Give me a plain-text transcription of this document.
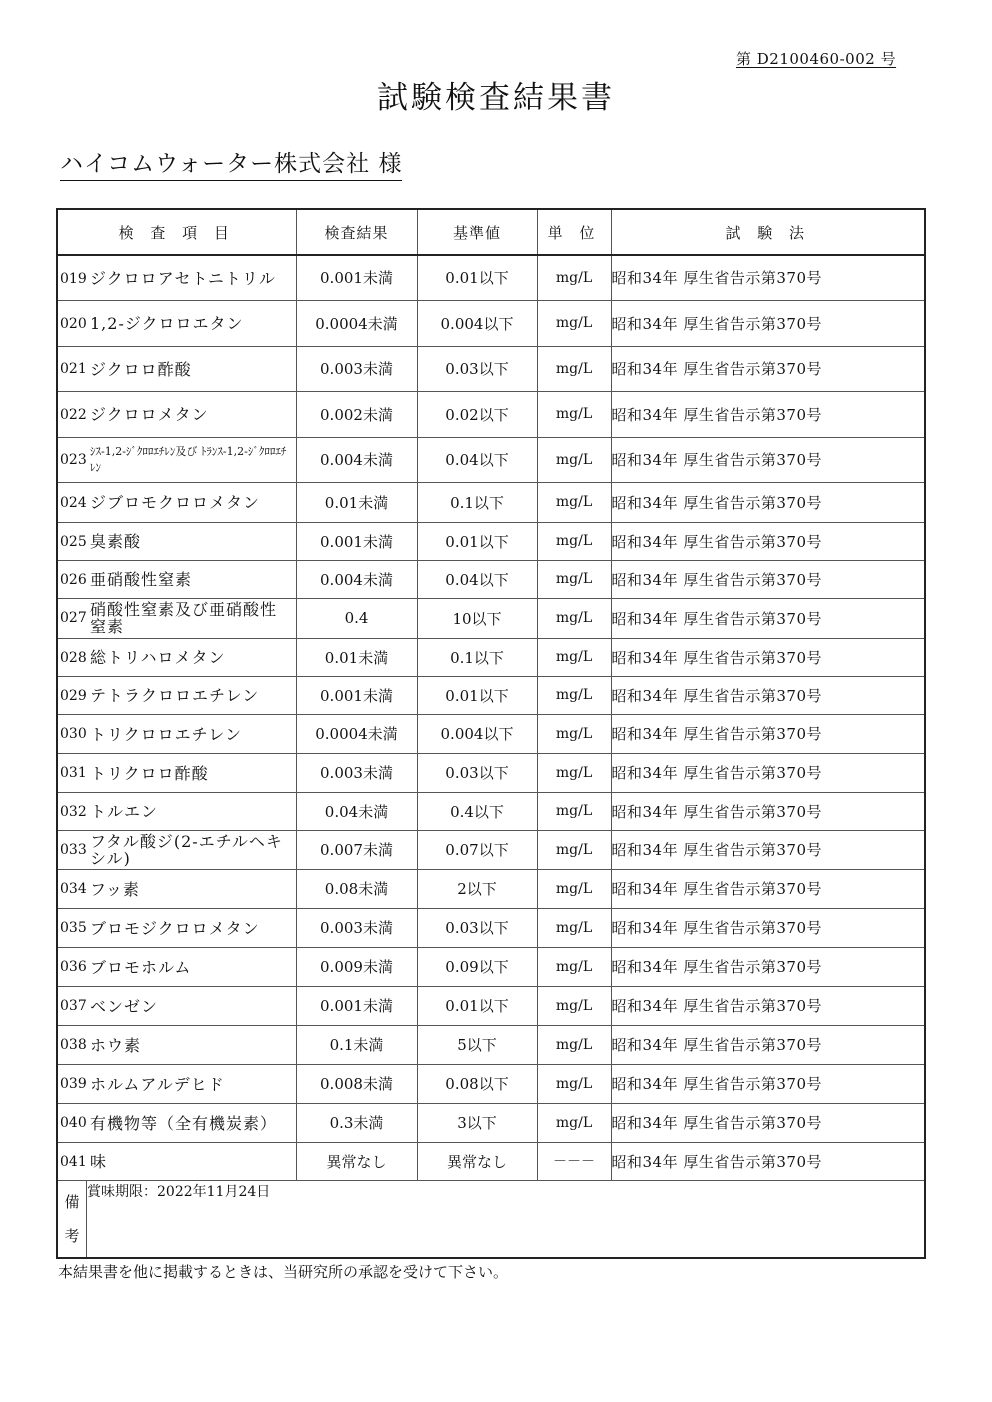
第 D2100460-002 号
試験検査結果書
ハイコムウォーター株式会社 様
検 査 項 目	検査結果	基準値	単 位	試 験 法
019 ジクロロアセトニトリル	0.001未満	0.01以下	mg/L	昭和34年 厚生省告示第370号
020 1,2-ジクロロエタン	0.0004未満	0.004以下	mg/L	昭和34年 厚生省告示第370号
021 ジクロロ酢酸	0.003未満	0.03以下	mg/L	昭和34年 厚生省告示第370号
022 ジクロロメタン	0.002未満	0.02以下	mg/L	昭和34年 厚生省告示第370号
023ｼｽ-1,2-ｼﾞｸﾛﾛｴﾁﾚﾝ及び ﾄﾗﾝｽ-1,2-ｼﾞｸﾛﾛｴﾁﾚﾝ	0.004未満	0.04以下	mg/L	昭和34年 厚生省告示第370号
024 ジブロモクロロメタン	0.01未満	0.1以下	mg/L	昭和34年 厚生省告示第370号
025 臭素酸	0.001未満	0.01以下	mg/L	昭和34年 厚生省告示第370号
026 亜硝酸性窒素	0.004未満	0.04以下	mg/L	昭和34年 厚生省告示第370号
027 硝酸性窒素及び亜硝酸性窒素	0.4	10以下	mg/L	昭和34年 厚生省告示第370号
028 総トリハロメタン	0.01未満	0.1以下	mg/L	昭和34年 厚生省告示第370号
029 テトラクロロエチレン	0.001未満	0.01以下	mg/L	昭和34年 厚生省告示第370号
030 トリクロロエチレン	0.0004未満	0.004以下	mg/L	昭和34年 厚生省告示第370号
031 トリクロロ酢酸	0.003未満	0.03以下	mg/L	昭和34年 厚生省告示第370号
032 トルエン	0.04未満	0.4以下	mg/L	昭和34年 厚生省告示第370号
033 フタル酸ジ(2-エチルヘキシル)	0.007未満	0.07以下	mg/L	昭和34年 厚生省告示第370号
034 フッ素	0.08未満	2以下	mg/L	昭和34年 厚生省告示第370号
035 ブロモジクロロメタン	0.003未満	0.03以下	mg/L	昭和34年 厚生省告示第370号
036 ブロモホルム	0.009未満	0.09以下	mg/L	昭和34年 厚生省告示第370号
037 ベンゼン	0.001未満	0.01以下	mg/L	昭和34年 厚生省告示第370号
038 ホウ素	0.1未満	5以下	mg/L	昭和34年 厚生省告示第370号
039 ホルムアルデヒド	0.008未満	0.08以下	mg/L	昭和34年 厚生省告示第370号
040 有機物等（全有機炭素）	0.3未満	3以下	mg/L	昭和34年 厚生省告示第370号
041 味	異常なし	異常なし	－－－	昭和34年 厚生省告示第370号

備 考	賞味期限：2022年11月24日
本結果書を他に掲載するときは、当研究所の承認を受けて下さい。
